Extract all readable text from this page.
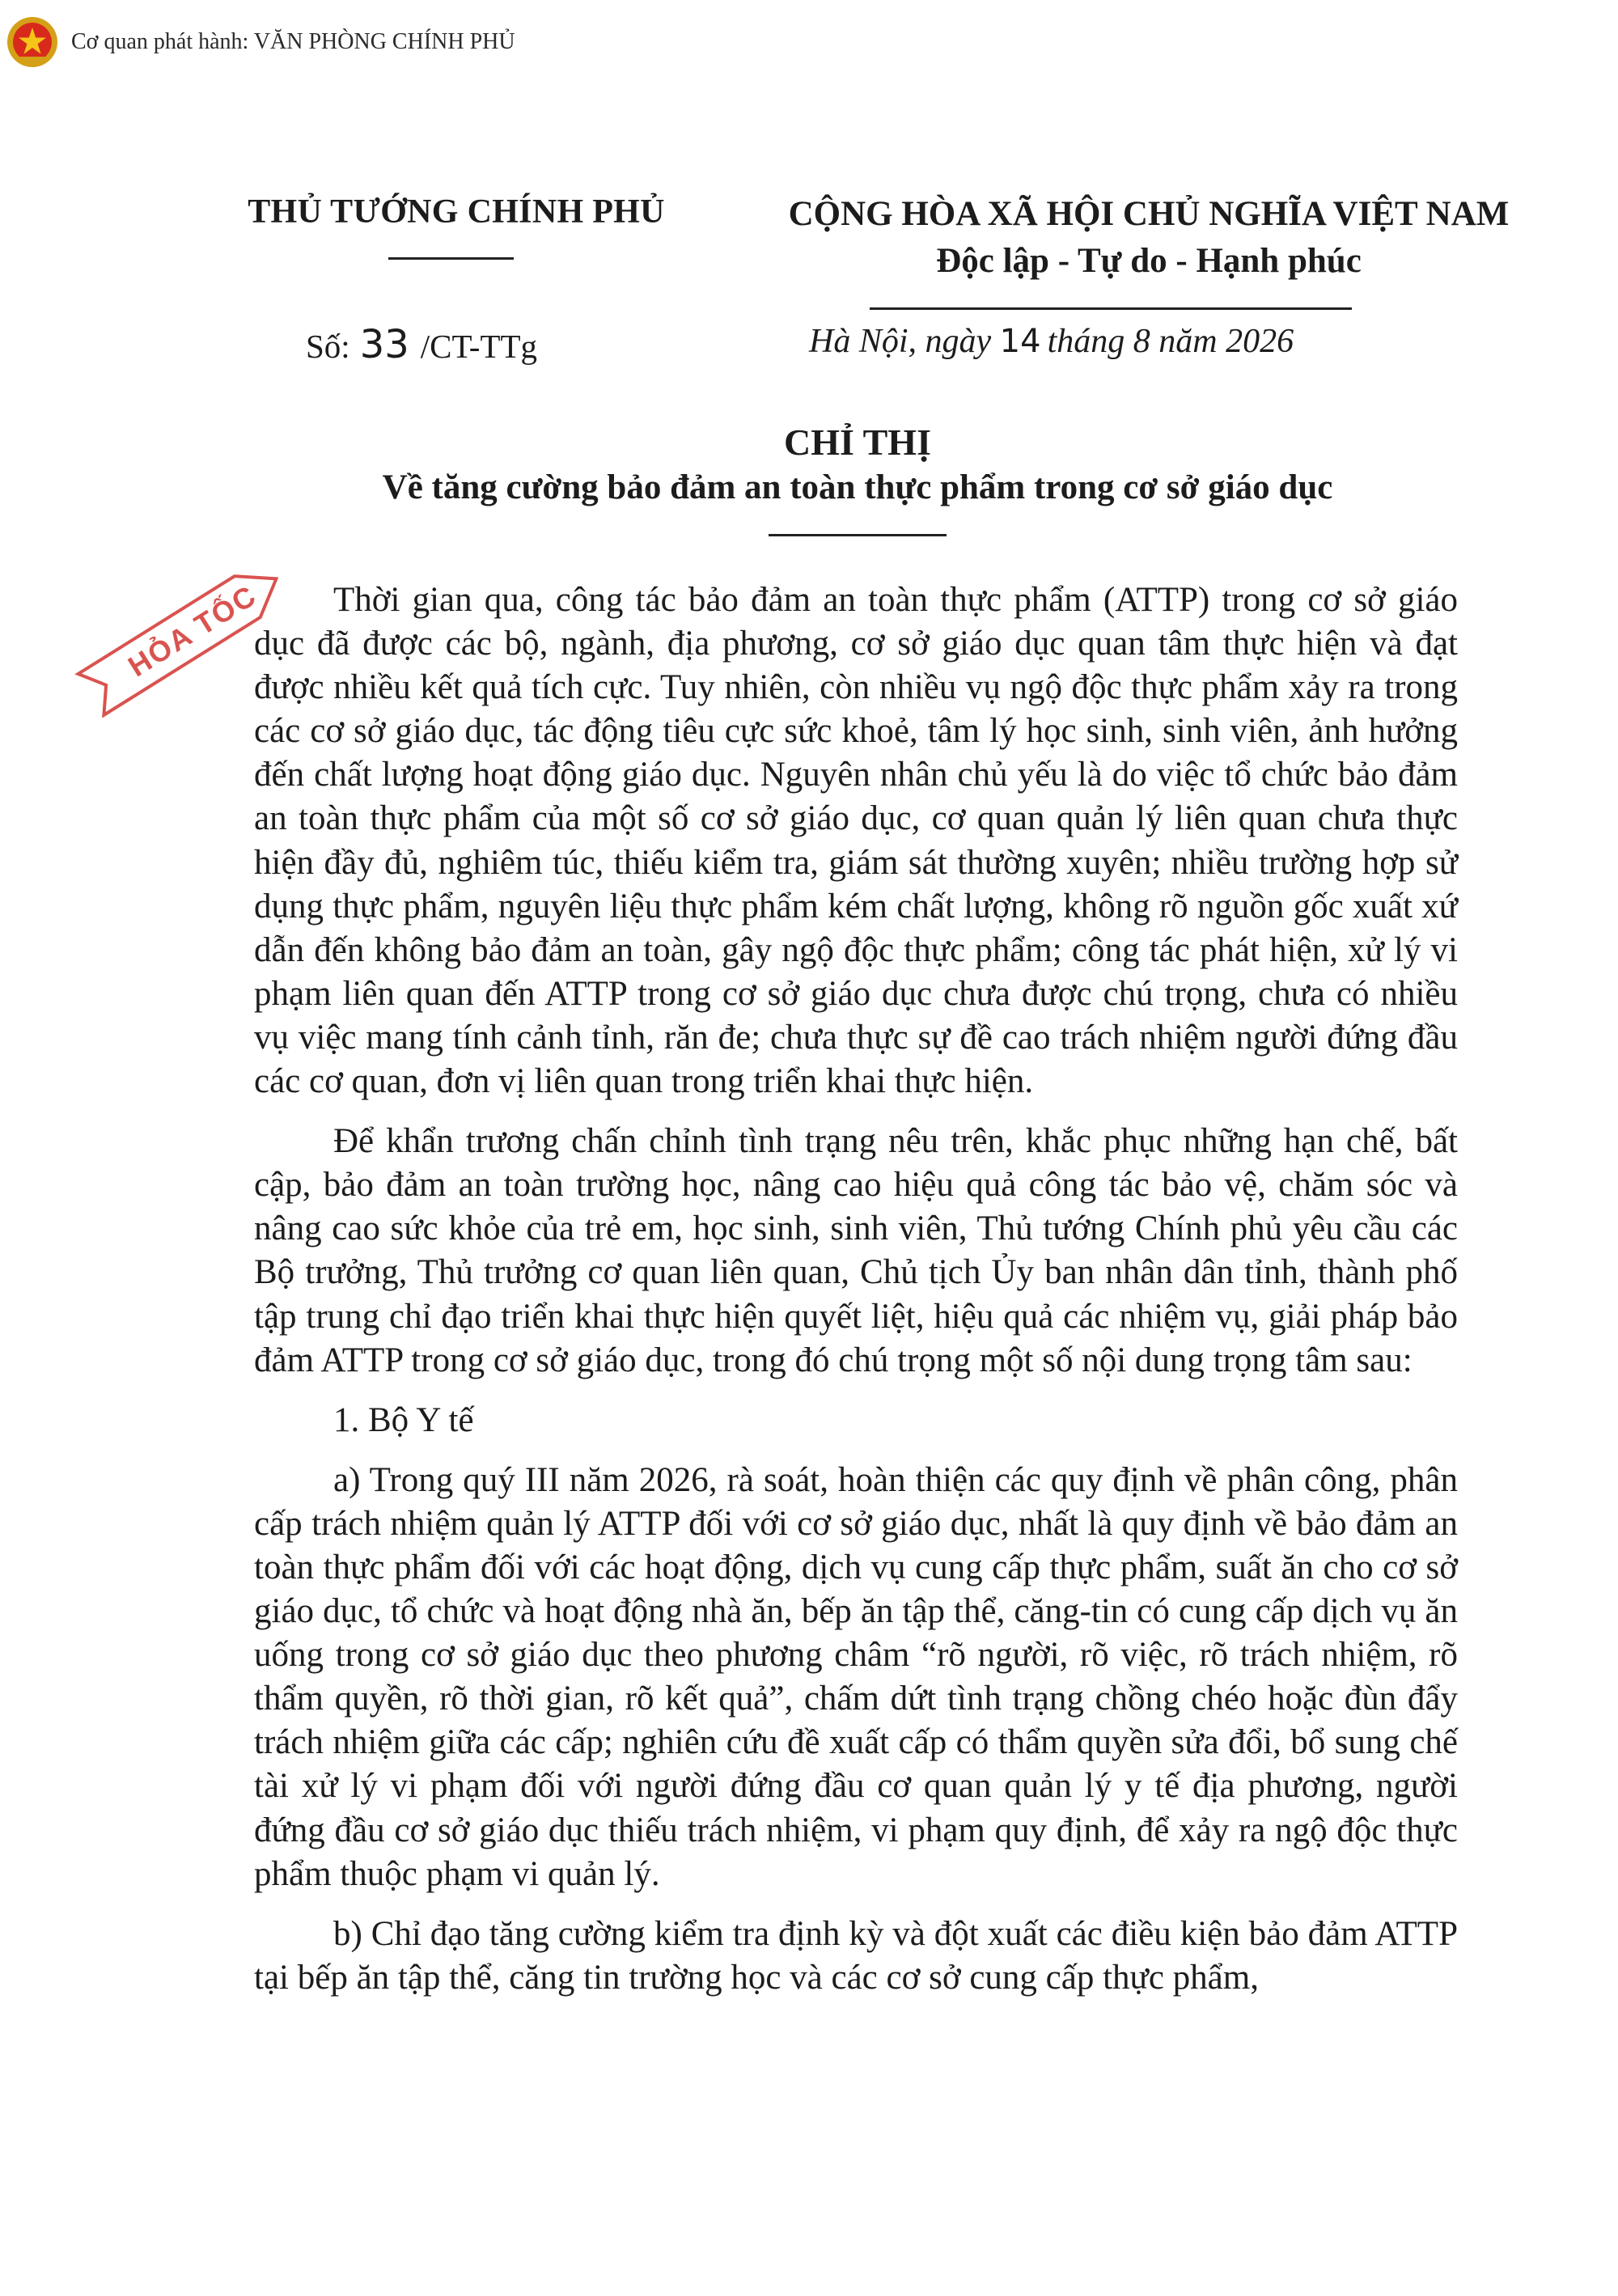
Cơ quan phát hành: VĂN PHÒNG CHÍNH PHỦ
THỦ TƯỚNG CHÍNH PHỦ	CỘNG HÒA XÃ HỘI CHỦ NGHĨA VIỆT NAM
Độc lập - Tự do - Hạnh phúc
Số: 33 /CT-TTg	Hà Nội, ngày 14 tháng 8 năm 2026
CHỈ THỊ
Về tăng cường bảo đảm an toàn thực phẩm trong cơ sở giáo dục
HỎA TỐC	Thời gian qua, công tác bảo đảm an toàn thực phẩm (ATTP) trong cơ sở giáo dục đã được các bộ, ngành, địa phương, cơ sở giáo dục quan tâm thực hiện và đạt được nhiều kết quả tích cực. Tuy nhiên, còn nhiều vụ ngộ độc thực phẩm xảy ra trong các cơ sở giáo dục, tác động tiêu cực sức khoẻ, tâm lý học sinh, sinh viên, ảnh hưởng đến chất lượng hoạt động giáo dục. Nguyên nhân chủ yếu là do việc tổ chức bảo đảm an toàn thực phẩm của một số cơ sở giáo dục, cơ quan quản lý liên quan chưa thực hiện đầy đủ, nghiêm túc, thiếu kiểm tra, giám sát thường xuyên; nhiều trường hợp sử dụng thực phẩm, nguyên liệu thực phẩm kém chất lượng, không rõ nguồn gốc xuất xứ dẫn đến không bảo đảm an toàn, gây ngộ độc thực phẩm; công tác phát hiện, xử lý vi phạm liên quan đến ATTP trong cơ sở giáo dục chưa được chú trọng, chưa có nhiều vụ việc mang tính cảnh tỉnh, răn đe; chưa thực sự đề cao trách nhiệm người đứng đầu các cơ quan, đơn vị liên quan trong triển khai thực hiện.

Để khẩn trương chấn chỉnh tình trạng nêu trên, khắc phục những hạn chế, bất cập, bảo đảm an toàn trường học, nâng cao hiệu quả công tác bảo vệ, chăm sóc và nâng cao sức khỏe của trẻ em, học sinh, sinh viên, Thủ tướng Chính phủ yêu cầu các Bộ trưởng, Thủ trưởng cơ quan liên quan, Chủ tịch Ủy ban nhân dân tỉnh, thành phố tập trung chỉ đạo triển khai thực hiện quyết liệt, hiệu quả các nhiệm vụ, giải pháp bảo đảm ATTP trong cơ sở giáo dục, trong đó chú trọng một số nội dung trọng tâm sau:

1. Bộ Y tế

a) Trong quý III năm 2026, rà soát, hoàn thiện các quy định về phân công, phân cấp trách nhiệm quản lý ATTP đối với cơ sở giáo dục, nhất là quy định về bảo đảm an toàn thực phẩm đối với các hoạt động, dịch vụ cung cấp thực phẩm, suất ăn cho cơ sở giáo dục, tổ chức và hoạt động nhà ăn, bếp ăn tập thể, căng-tin có cung cấp dịch vụ ăn uống trong cơ sở giáo dục theo phương châm “rõ người, rõ việc, rõ trách nhiệm, rõ thẩm quyền, rõ thời gian, rõ kết quả”, chấm dứt tình trạng chồng chéo hoặc đùn đẩy trách nhiệm giữa các cấp; nghiên cứu đề xuất cấp có thẩm quyền sửa đổi, bổ sung chế tài xử lý vi phạm đối với người đứng đầu cơ quan quản lý y tế địa phương, người đứng đầu cơ sở giáo dục thiếu trách nhiệm, vi phạm quy định, để xảy ra ngộ độc thực phẩm thuộc phạm vi quản lý.

b) Chỉ đạo tăng cường kiểm tra định kỳ và đột xuất các điều kiện bảo đảm ATTP tại bếp ăn tập thể, căng tin trường học và các cơ sở cung cấp thực phẩm,
